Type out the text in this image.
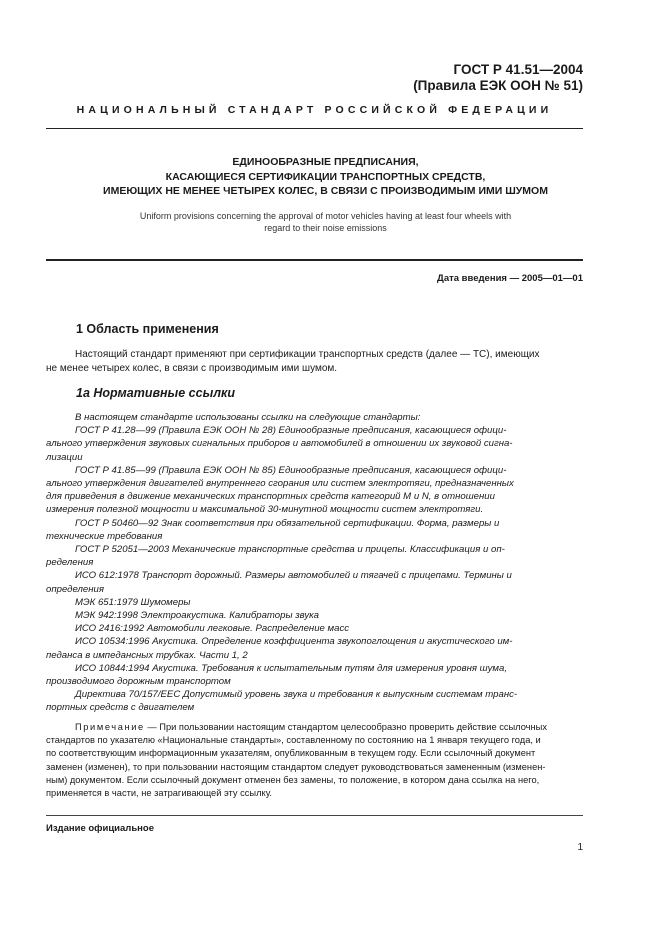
ГОСТ Р 41.51—2004
(Правила ЕЭК ООН № 51)
НАЦИОНАЛЬНЫЙ СТАНДАРТ РОССИЙСКОЙ ФЕДЕРАЦИИ
ЕДИНООБРАЗНЫЕ ПРЕДПИСАНИЯ,
КАСАЮЩИЕСЯ СЕРТИФИКАЦИИ ТРАНСПОРТНЫХ СРЕДСТВ,
ИМЕЮЩИХ НЕ МЕНЕЕ ЧЕТЫРЕХ КОЛЕС, В СВЯЗИ С ПРОИЗВОДИМЫМ ИМИ ШУМОМ
Uniform provisions concerning the approval of motor vehicles having at least four wheels with
regard to their noise emissions
Дата введения — 2005—01—01
1 Область применения
Настоящий стандарт применяют при сертификации транспортных средств (далее — ТС), имеющих
не менее четырех колес, в связи с производимым ими шумом.
1а Нормативные ссылки

В настоящем стандарте использованы ссылки на следующие стандарты:

ГОСТ Р 41.28—99 (Правила ЕЭК ООН № 28) Единообразные предписания, касающиеся офици-

ального утверждения звуковых сигнальных приборов и автомобилей в отношении их звуковой сигна-

лизации

ГОСТ Р 41.85—99 (Правила ЕЭК ООН № 85) Единообразные предписания, касающиеся офици-

ального утверждения двигателей внутреннего сгорания или систем электротяги, предназначенных

для приведения в движение механических транспортных средств категорий M и N, в отношении

измерения полезной мощности и максимальной 30-минутной мощности систем электротяги.

ГОСТ Р 50460—92 Знак соответствия при обязательной сертификации. Форма, размеры и

технические требования

ГОСТ Р 52051—2003 Механические транспортные средства и прицепы. Классификация и оп-

ределения

ИСО 612:1978 Транспорт дорожный. Размеры автомобилей и тягачей с прицепами. Термины и

определения

МЭК 651:1979 Шумомеры

МЭК 942:1998 Электроакустика. Калибраторы звука

ИСО 2416:1992 Автомобили легковые. Распределение масс

ИСО 10534:1996 Акустика. Определение коэффициента звукопоглощения и акустического им-

педанса в импедансных трубках. Части 1, 2

ИСО 10844:1994 Акустика. Требования к испытательным путям для измерения уровня шума,

производимого дорожным транспортом

Директива 70/157/ЕЕС Допустимый уровень звука и требования к выпускным системам транс-

портных средств с двигателем

Примечание — При пользовании настоящим стандартом целесообразно проверить действие ссылочных
стандартов по указателю «Национальные стандарты», составленному по состоянию на 1 января текущего года, и
по соответствующим информационным указателям, опубликованным в текущем году. Если ссылочный документ
заменен (изменен), то при пользовании настоящим стандартом следует руководствоваться замененным (изменен-
ным) документом. Если ссылочный документ отменен без замены, то положение, в котором дана ссылка на него,
применяется в части, не затрагивающей эту ссылку.
Издание официальное
1
